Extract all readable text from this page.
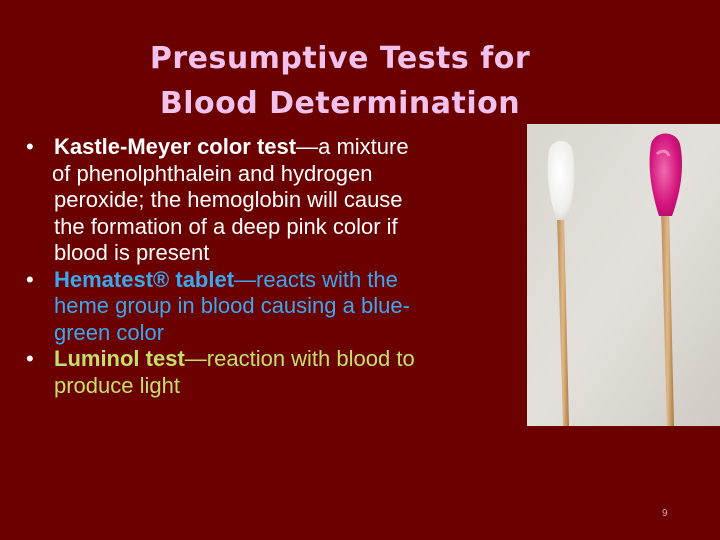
Presumptive Tests for
Blood Determination
• Kastle-Meyer color test—a mixture
of phenolphthalein and hydrogen
peroxide; the hemoglobin will cause
the formation of a deep pink color if
blood is present
• Hematest® tablet—reacts with the
heme group in blood causing a blue-
green color
• Luminol test—reaction with blood to
produce light
9
